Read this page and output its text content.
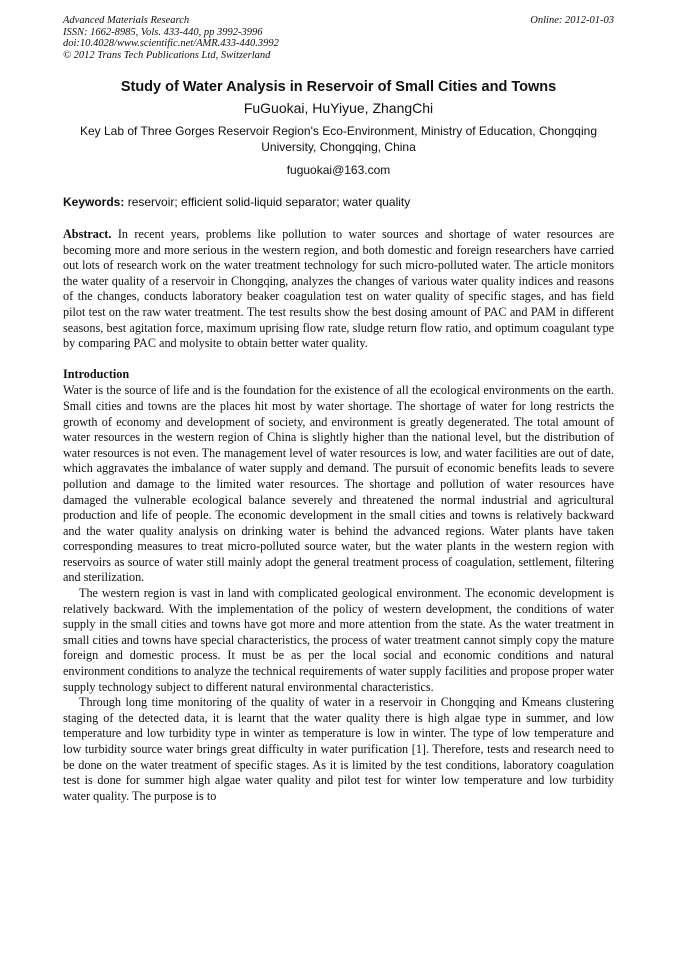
Advanced Materials Research
ISSN: 1662-8985, Vols. 433-440, pp 3992-3996
doi:10.4028/www.scientific.net/AMR.433-440.3992
© 2012 Trans Tech Publications Ltd, Switzerland
Online: 2012-01-03
Study of Water Analysis in Reservoir of Small Cities and Towns
FuGuokai, HuYiyue, ZhangChi
Key Lab of Three Gorges Reservoir Region's Eco-Environment, Ministry of Education, Chongqing University, Chongqing, China
fuguokai@163.com
Keywords: reservoir; efficient solid-liquid separator; water quality

Abstract. In recent years, problems like pollution to water sources and shortage of water resources are becoming more and more serious in the western region, and both domestic and foreign researchers have carried out lots of research work on the water treatment technology for such micro-polluted water. The article monitors the water quality of a reservoir in Chongqing, analyzes the changes of various water quality indices and reasons of the changes, conducts laboratory beaker coagulation test on water quality of specific stages, and has field pilot test on the raw water treatment. The test results show the best dosing amount of PAC and PAM in different seasons, best agitation force, maximum uprising flow rate, sludge return flow ratio, and optimum coagulant type by comparing PAC and molysite to obtain better water quality.

Introduction

Water is the source of life and is the foundation for the existence of all the ecological environments on the earth. Small cities and towns are the places hit most by water shortage. The shortage of water for long restricts the growth of economy and development of society, and environment is greatly degenerated. The total amount of water resources in the western region of China is slightly higher than the national level, but the distribution of water resources is not even. The management level of water resources is low, and water facilities are out of date, which aggravates the imbalance of water supply and demand. The pursuit of economic benefits leads to severe pollution and damage to the limited water resources. The shortage and pollution of water resources have damaged the vulnerable ecological balance severely and threatened the normal industrial and agricultural production and life of people. The economic development in the small cities and towns is relatively backward and the water quality analysis on drinking water is behind the advanced regions. Water plants have taken corresponding measures to treat micro-polluted source water, but the water plants in the western region with reservoirs as source of water still mainly adopt the general treatment process of coagulation, settlement, filtering and sterilization.

The western region is vast in land with complicated geological environment. The economic development is relatively backward. With the implementation of the policy of western development, the conditions of water supply in the small cities and towns have got more and more attention from the state. As the water treatment in small cities and towns have special characteristics, the process of water treatment cannot simply copy the mature foreign and domestic process. It must be as per the local social and economic conditions and natural environment conditions to analyze the technical requirements of water supply facilities and propose proper water supply technology subject to different natural environmental characteristics.

Through long time monitoring of the quality of water in a reservoir in Chongqing and Kmeans clustering staging of the detected data, it is learnt that the water quality there is high algae type in summer, and low temperature and low turbidity type in winter as temperature is low in winter. The type of low temperature and low turbidity source water brings great difficulty in water purification [1]. Therefore, tests and research need to be done on the water treatment of specific stages. As it is limited by the test conditions, laboratory coagulation test is done for summer high algae water quality and pilot test for winter low temperature and low turbidity water quality. The purpose is to
